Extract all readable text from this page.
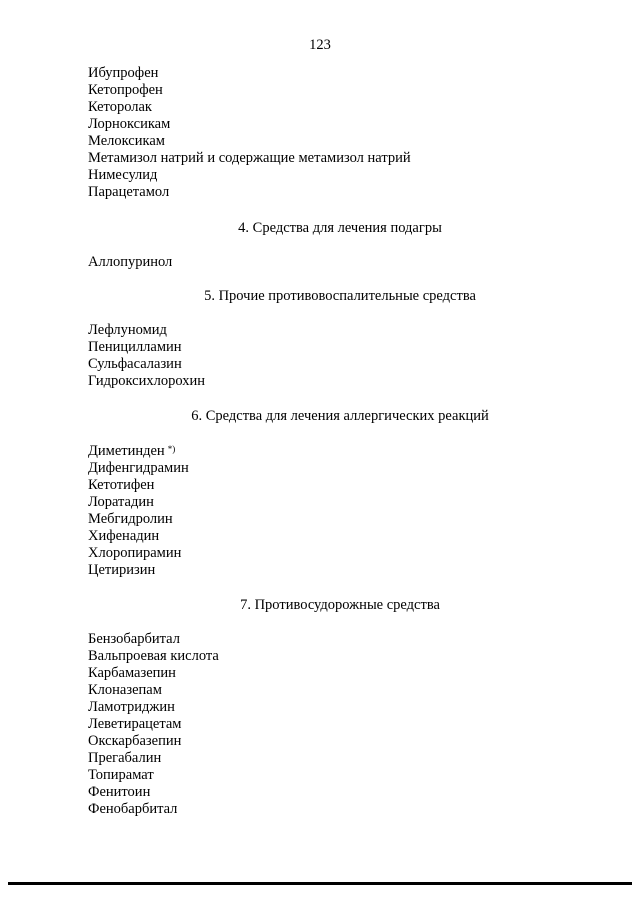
123
Ибупрофен
Кетопрофен
Кеторолак
Лорноксикам
Мелоксикам
Метамизол натрий и содержащие метамизол натрий
Нимесулид
Парацетамол
4. Средства для лечения подагры
Аллопуринол
5. Прочие противовоспалительные средства
Лефлуномид
Пеницилламин
Сульфасалазин
Гидроксихлорохин
6. Средства для лечения аллергических реакций
Диметинден *)
Дифенгидрамин
Кетотифен
Лоратадин
Мебгидролин
Хифенадин
Хлоропирамин
Цетиризин
7. Противосудорожные средства
Бензобарбитал
Вальпроевая кислота
Карбамазепин
Клоназепам
Ламотриджин
Леветирацетам
Окскарбазепин
Прегабалин
Топирамат
Фенитоин
Фенобарбитал
